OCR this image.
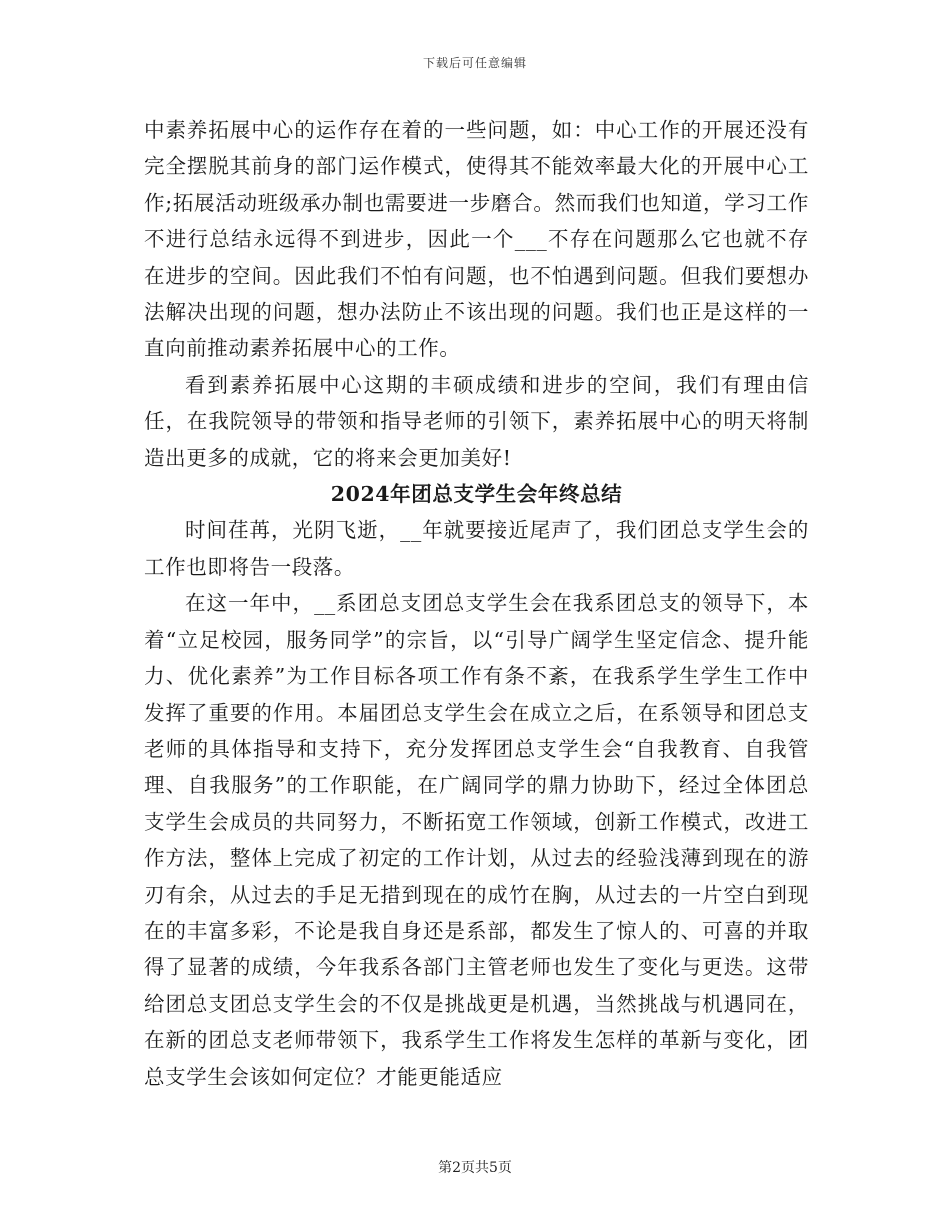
下载后可任意编辑

中素养拓展中心的运作存在着的一些问题，如：中心工作的开展还没有完全摆脱其前身的部门运作模式，使得其不能效率最大化的开展中心工作;拓展活动班级承办制也需要进一步磨合。然而我们也知道，学习工作不进行总结永远得不到进步，因此一个___不存在问题那么它也就不存在进步的空间。因此我们不怕有问题，也不怕遇到问题。但我们要想办法解决出现的问题，想办法防止不该出现的问题。我们也正是这样的一直向前推动素养拓展中心的工作。

看到素养拓展中心这期的丰硕成绩和进步的空间，我们有理由信任，在我院领导的带领和指导老师的引领下，素养拓展中心的明天将制造出更多的成就，它的将来会更加美好!

2024年团总支学生会年终总结

时间荏苒，光阴飞逝，__年就要接近尾声了，我们团总支学生会的工作也即将告一段落。

在这一年中，__系团总支团总支学生会在我系团总支的领导下，本着“立足校园，服务同学”的宗旨，以“引导广阔学生坚定信念、提升能力、优化素养”为工作目标各项工作有条不紊，在我系学生学生工作中发挥了重要的作用。本届团总支学生会在成立之后，在系领导和团总支老师的具体指导和支持下，充分发挥团总支学生会“自我教育、自我管理、自我服务”的工作职能，在广阔同学的鼎力协助下，经过全体团总支学生会成员的共同努力，不断拓宽工作领域，创新工作模式，改进工作方法，整体上完成了初定的工作计划，从过去的经验浅薄到现在的游刃有余，从过去的手足无措到现在的成竹在胸，从过去的一片空白到现在的丰富多彩，不论是我自身还是系部，都发生了惊人的、可喜的并取得了显著的成绩，今年我系各部门主管老师也发生了变化与更迭。这带给团总支团总支学生会的不仅是挑战更是机遇，当然挑战与机遇同在，在新的团总支老师带领下，我系学生工作将发生怎样的革新与变化，团总支学生会该如何定位？才能更能适应

第2页共5页
